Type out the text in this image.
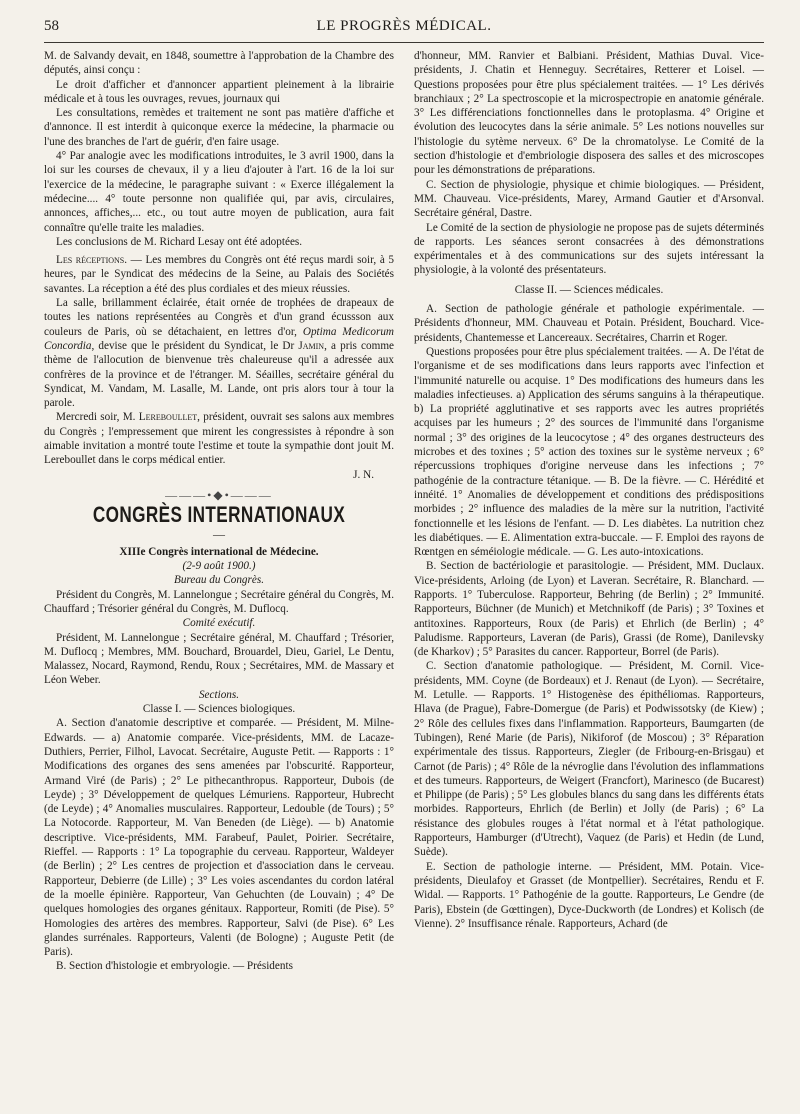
58	LE PROGRÈS MÉDICAL.

M. de Salvandy devait, en 1848, soumettre à l'approbation de la Chambre des députés, ainsi conçu :

Le droit d'afficher et d'annoncer appartient pleinement à la librairie médicale et à tous les ouvrages, revues, journaux qui

Les consultations, remèdes et traitement ne sont pas matière d'affiche et d'annonce. Il est interdit à quiconque exerce la médecine, la pharmacie ou l'une des branches de l'art de guérir, d'en faire usage.

4° Par analogie avec les modifications introduites, le 3 avril 1900, dans la loi sur les courses de chevaux, il y a lieu d'ajouter à l'art. 16 de la loi sur l'exercice de la médecine, le paragraphe suivant : « Exerce illégalement la médecine.... 4° toute personne non qualifiée qui, par avis, circulaires, annonces, affiches,... etc., ou tout autre moyen de publication, aura fait connaître qu'elle traite les maladies.

Les conclusions de M. Richard Lesay ont été adoptées.

Les réceptions. — Les membres du Congrès ont été reçus mardi soir, à 5 heures, par le Syndicat des médecins de la Seine, au Palais des Sociétés savantes. La réception a été des plus cordiales et des mieux réussies.

La salle, brillamment éclairée, était ornée de trophées de drapeaux de toutes les nations représentées au Congrès et d'un grand écussson aux couleurs de Paris, où se détachaient, en lettres d'or, Optima Medicorum Concordia, devise que le président du Syndicat, le Dr Jamin, a pris comme thème de l'allocution de bienvenue très chaleureuse qu'il a adressée aux confrères de la province et de l'étranger. M. Séailles, secrétaire général du Syndicat, M. Vandam, M. Lasalle, M. Lande, ont pris alors tour à tour la parole.

Mercredi soir, M. Lereboullet, président, ouvrait ses salons aux membres du Congrès ; l'empressement que mirent les congressistes à répondre à son aimable invitation a montré toute l'estime et toute la sympathie dont jouit M. Lereboullet dans le corps médical entier.

J. N.

―――•◆•―――
CONGRÈS INTERNATIONAUX
—

XIIIe Congrès international de Médecine.

(2-9 août 1900.)

Bureau du Congrès.

Président du Congrès, M. Lannelongue ; Secrétaire général du Congrès, M. Chauffard ; Trésorier général du Congrès, M. Duflocq.

Comité exécutif.

Président, M. Lannelongue ; Secrétaire général, M. Chauffard ; Trésorier, M. Duflocq ; Membres, MM. Bouchard, Brouardel, Dieu, Gariel, Le Dentu, Malassez, Nocard, Raymond, Rendu, Roux ; Secrétaires, MM. de Massary et Léon Weber.

Sections.

Classe I. — Sciences biologiques.

A. Section d'anatomie descriptive et comparée. — Président, M. Milne-Edwards. — a) Anatomie comparée. Vice-présidents, MM. de Lacaze-Duthiers, Perrier, Filhol, Lavocat. Secrétaire, Auguste Petit. — Rapports : 1° Modifications des organes des sens amenées par l'obscurité. Rapporteur, Armand Viré (de Paris) ; 2° Le pithecanthropus. Rapporteur, Dubois (de Leyde) ; 3° Développement de quelques Lémuriens. Rapporteur, Hubrecht (de Leyde) ; 4° Anomalies musculaires. Rapporteur, Ledouble (de Tours) ; 5° La Notocorde. Rapporteur, M. Van Beneden (de Liège). — b) Anatomie descriptive. Vice-présidents, MM. Farabeuf, Paulet, Poirier. Secrétaire, Rieffel. — Rapports : 1° La topographie du cerveau. Rapporteur, Waldeyer (de Berlin) ; 2° Les centres de projection et d'association dans le cerveau. Rapporteur, Debierre (de Lille) ; 3° Les voies ascendantes du cordon latéral de la moelle épinière. Rapporteur, Van Gehuchten (de Louvain) ; 4° De quelques homologies des organes génitaux. Rapporteur, Romiti (de Pise). 5° Homologies des artères des membres. Rapporteur, Salvi (de Pise). 6° Les glandes surrénales. Rapporteurs, Valenti (de Bologne) ; Auguste Petit (de Paris).

B. Section d'histologie et embryologie. — Présidents

d'honneur, MM. Ranvier et Balbiani. Président, Mathias Duval. Vice-présidents, J. Chatin et Henneguy. Secrétaires, Retterer et Loisel. — Questions proposées pour être plus spécialement traitées. — 1° Les dérivés branchiaux ; 2° La spectroscopie et la microspectropie en anatomie générale. 3° Les différenciations fonctionnelles dans le protoplasma. 4° Origine et évolution des leucocytes dans la série animale. 5° Les notions nouvelles sur l'histologie du sytème nerveux. 6° De la chromatolyse. Le Comité de la section d'histologie et d'embriologie disposera des salles et des microscopes pour les démonstrations de préparations.

C. Section de physiologie, physique et chimie biologiques. — Président, MM. Chauveau. Vice-présidents, Marey, Armand Gautier et d'Arsonval. Secrétaire général, Dastre.

Le Comité de la section de physiologie ne propose pas de sujets déterminés de rapports. Les séances seront consacrées à des démonstrations expérimentales et à des communications sur des sujets intéressant la physiologie, à la volonté des présentateurs.

Classe II. — Sciences médicales.

A. Section de pathologie générale et pathologie expérimentale. — Présidents d'honneur, MM. Chauveau et Potain. Président, Bouchard. Vice-présidents, Chantemesse et Lancereaux. Secrétaires, Charrin et Roger.

Questions proposées pour être plus spécialement traitées. — A. De l'état de l'organisme et de ses modifications dans leurs rapports avec l'infection et l'immunité naturelle ou acquise. 1° Des modifications des humeurs dans les maladies infectieuses. a) Application des sérums sanguins à la thérapeutique. b) La propriété agglutinative et ses rapports avec les autres propriétés acquises par les humeurs ; 2° des sources de l'immunité dans l'organisme normal ; 3° des origines de la leucocytose ; 4° des organes destructeurs des microbes et des toxines ; 5° action des toxines sur le système nerveux ; 6° répercussions trophiques d'origine nerveuse dans les infections ; 7° pathogénie de la contracture tétanique. — B. De la fièvre. — C. Hérédité et innéité. 1° Anomalies de développement et conditions des prédispositions morbides ; 2° influence des maladies de la mère sur la nutrition, l'activité fonctionnelle et les lésions de l'enfant. — D. Les diabètes. La nutrition chez les diabétiques. — E. Alimentation extra-buccale. — F. Emploi des rayons de Rœntgen en séméiologie médicale. — G. Les auto-intoxications.

B. Section de bactériologie et parasitologie. — Président, MM. Duclaux. Vice-présidents, Arloing (de Lyon) et Laveran. Secrétaire, R. Blanchard. — Rapports. 1° Tuberculose. Rapporteur, Behring (de Berlin) ; 2° Immunité. Rapporteurs, Büchner (de Munich) et Metchnikoff (de Paris) ; 3° Toxines et antitoxines. Rapporteurs, Roux (de Paris) et Ehrlich (de Berlin) ; 4° Paludisme. Rapporteurs, Laveran (de Paris), Grassi (de Rome), Danilevsky (de Kharkov) ; 5° Parasites du cancer. Rapporteur, Borrel (de Paris).

C. Section d'anatomie pathologique. — Président, M. Cornil. Vice-présidents, MM. Coyne (de Bordeaux) et J. Renaut (de Lyon). — Secrétaire, M. Letulle. — Rapports. 1° Histogenèse des épithéliomas. Rapporteurs, Hlava (de Prague), Fabre-Domergue (de Paris) et Podwissotsky (de Kiew) ; 2° Rôle des cellules fixes dans l'inflammation. Rapporteurs, Baumgarten (de Tubingen), René Marie (de Paris), Nikiforof (de Moscou) ; 3° Réparation expérimentale des tissus. Rapporteurs, Ziegler (de Fribourg-en-Brisgau) et Carnot (de Paris) ; 4° Rôle de la névroglie dans l'évolution des inflammations et des tumeurs. Rapporteurs, de Weigert (Francfort), Marinesco (de Bucarest) et Philippe (de Paris) ; 5° Les globules blancs du sang dans les différents états morbides. Rapporteurs, Ehrlich (de Berlin) et Jolly (de Paris) ; 6° La résistance des globules rouges à l'état normal et à l'état pathologique. Rapporteurs, Hamburger (d'Utrecht), Vaquez (de Paris) et Hedin (de Lund, Suède).

E. Section de pathologie interne. — Président, MM. Potain. Vice-présidents, Dieulafoy et Grasset (de Montpellier). Secrétaires, Rendu et F. Widal. — Rapports. 1° Pathogénie de la goutte. Rapporteurs, Le Gendre (de Paris), Ebstein (de Gœttingen), Dyce-Duckworth (de Londres) et Kolisch (de Vienne). 2° Insuffisance rénale. Rapporteurs, Achard (de
